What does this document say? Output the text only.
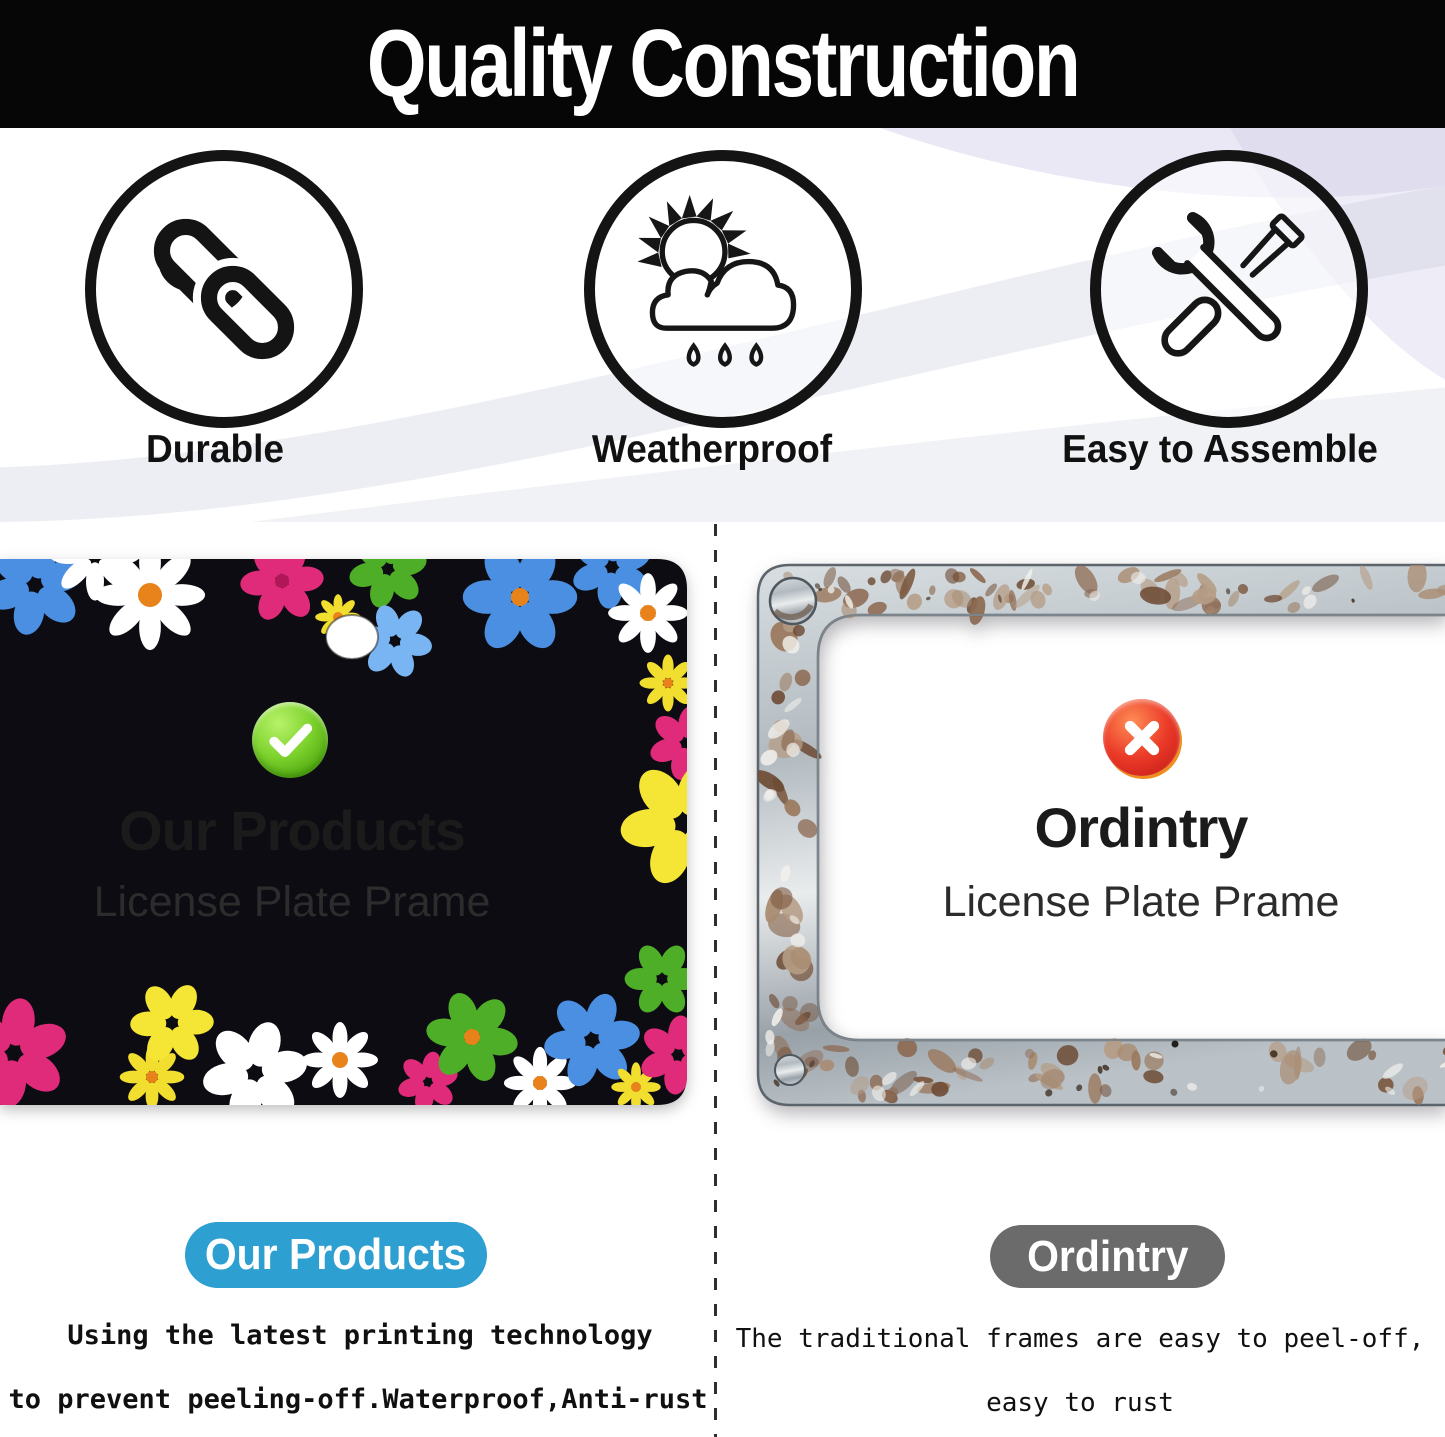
Quality Construction
Durable	Weatherproof	Easy to Assemble
Our Products

License Plate Prame

Our Products

Using the latest printing technology

to prevent peeling-off.Waterproof,Anti-rust

Ordintry

License Plate Prame

Ordintry

The traditional frames are easy to peel-off,

easy to rust
